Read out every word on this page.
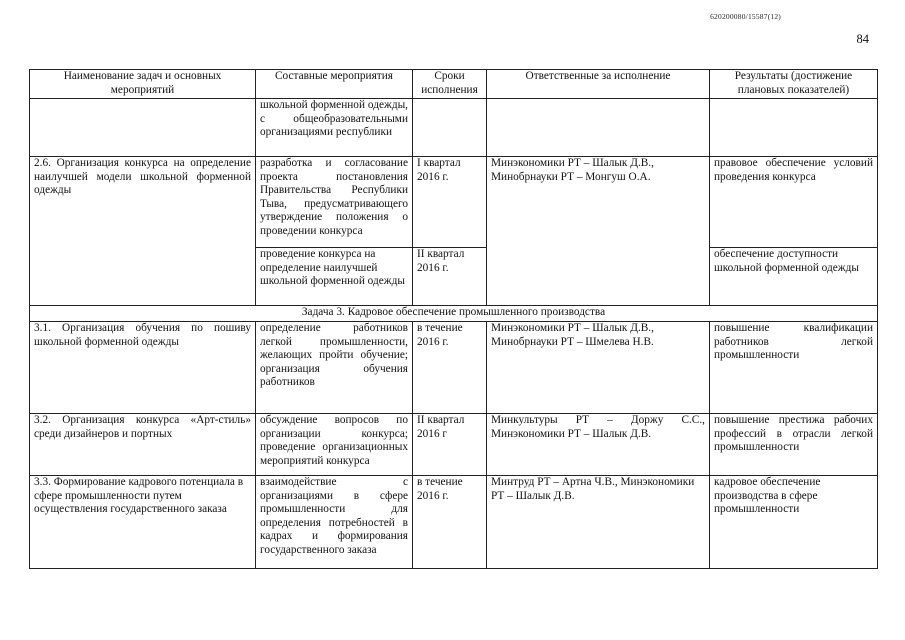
620200080/15587(12)
84
Наименование задач и основных мероприятий	Составные мероприятия	Сроки исполнения	Ответственные за исполнение	Результаты (достижение плановых показателей)
	школьной форменной одежды, с общеобразовательными организациями республики			
2.6. Организация конкурса на определение наилучшей модели школьной форменной одежды	разработка и согласование проекта постановления Правительства Республики Тыва, предусматривающего утверждение положения о проведении конкурса	I квартал 2016 г.	Минэкономики РТ – Шалык Д.В., Минобрнауки РТ – Монгуш О.А.	правовое обеспечение условий проведения конкурса
	проведение конкурса на определение наилучшей школьной форменной одежды	II квартал 2016 г.		обеспечение доступности школьной форменной одежды
Задача 3. Кадровое обеспечение промышленного производства				
3.1. Организация обучения по пошиву школьной форменной одежды	определение работников легкой промышленности, желающих пройти обучение; организация обучения работников	в течение 2016 г.	Минэкономики РТ – Шалык Д.В., Минобрнауки РТ – Шмелева Н.В.	повышение квалификации работников легкой промышленности
3.2. Организация конкурса «Арт-стиль» среди дизайнеров и портных	обсуждение вопросов по организации конкурса; проведение организационных мероприятий конкурса	II квартал 2016 г	Минкультуры РТ – Доржу С.С., Минэкономики РТ – Шалык Д.В.	повышение престижа рабочих профессий в отрасли легкой промышленности
3.3. Формирование кадрового потенциала в сфере промышленности путем осуществления государственного заказа	взаимодействие с организациями в сфере промышленности для определения потребностей в кадрах и формирования государственного заказа	в течение 2016 г.	Минтруд РТ – Артна Ч.В., Минэкономики РТ – Шалык Д.В.	кадровое обеспечение производства в сфере промышленности
